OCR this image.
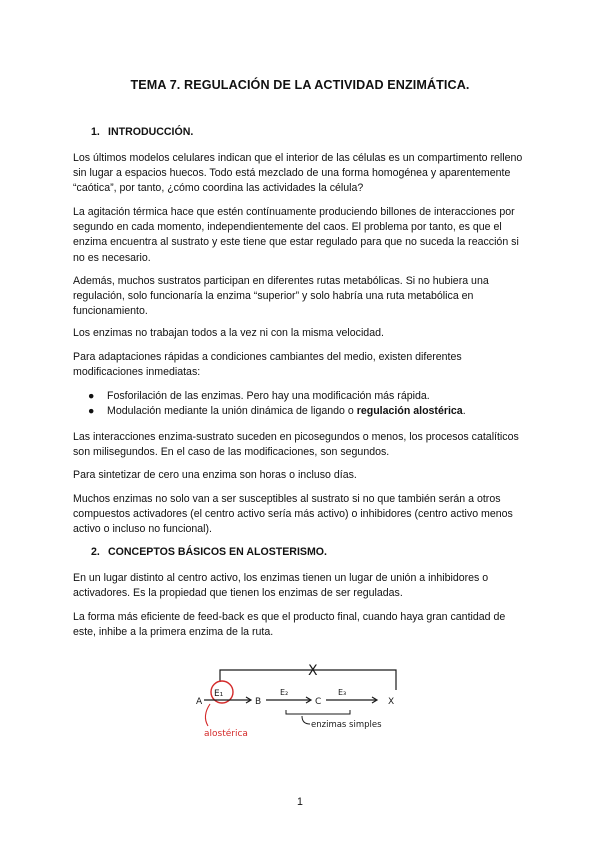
TEMA 7. REGULACIÓN DE LA ACTIVIDAD ENZIMÁTICA.
1. INTRODUCCIÓN.

Los últimos modelos celulares indican que el interior de las células es un compartimento relleno sin lugar a espacios huecos. Todo está mezclado de una forma homogénea y aparentemente “caótica”, por tanto, ¿cómo coordina las actividades la célula?

La agitación térmica hace que estén contínuamente produciendo billones de interacciones por segundo en cada momento, independientemente del caos. El problema por tanto, es que el enzima encuentra al sustrato y este tiene que estar regulado para que no suceda la reacción si no es necesario.

Además, muchos sustratos participan en diferentes rutas metabólicas. Si no hubiera una regulación, solo funcionaría la enzima “superior” y solo habría una ruta metabólica en funcionamiento.

Los enzimas no trabajan todos a la vez ni con la misma velocidad.

Para adaptaciones rápidas a condiciones cambiantes del medio, existen diferentes modificaciones inmediatas:

● Fosforilación de las enzimas. Pero hay una modificación más rápida.
● Modulación mediante la unión dinámica de ligando o regulación alostérica.

Las interacciones enzima-sustrato suceden en picosegundos o menos, los procesos catalíticos son milisegundos. En el caso de las modificaciones, son segundos.

Para sintetizar de cero una enzima son horas o incluso días.

Muchos enzimas no solo van a ser susceptibles al sustrato si no que también serán a otros compuestos activadores (el centro activo sería más activo) o inhibidores (centro activo menos activo o incluso no funcional).

2. CONCEPTOS BÁSICOS EN ALOSTERISMO.

En un lugar distinto al centro activo, los enzimas tienen un lugar de unión a inhibidores o activadores. Es la propiedad que tienen los enzimas de ser reguladas.

La forma más eficiente de feed-back es que el producto final, cuando haya gran cantidad de este, inhibe a la primera enzima de la ruta.

X
E₁
A	B
E₂
C
E₃
X
enzimas simples
alostérica
1
